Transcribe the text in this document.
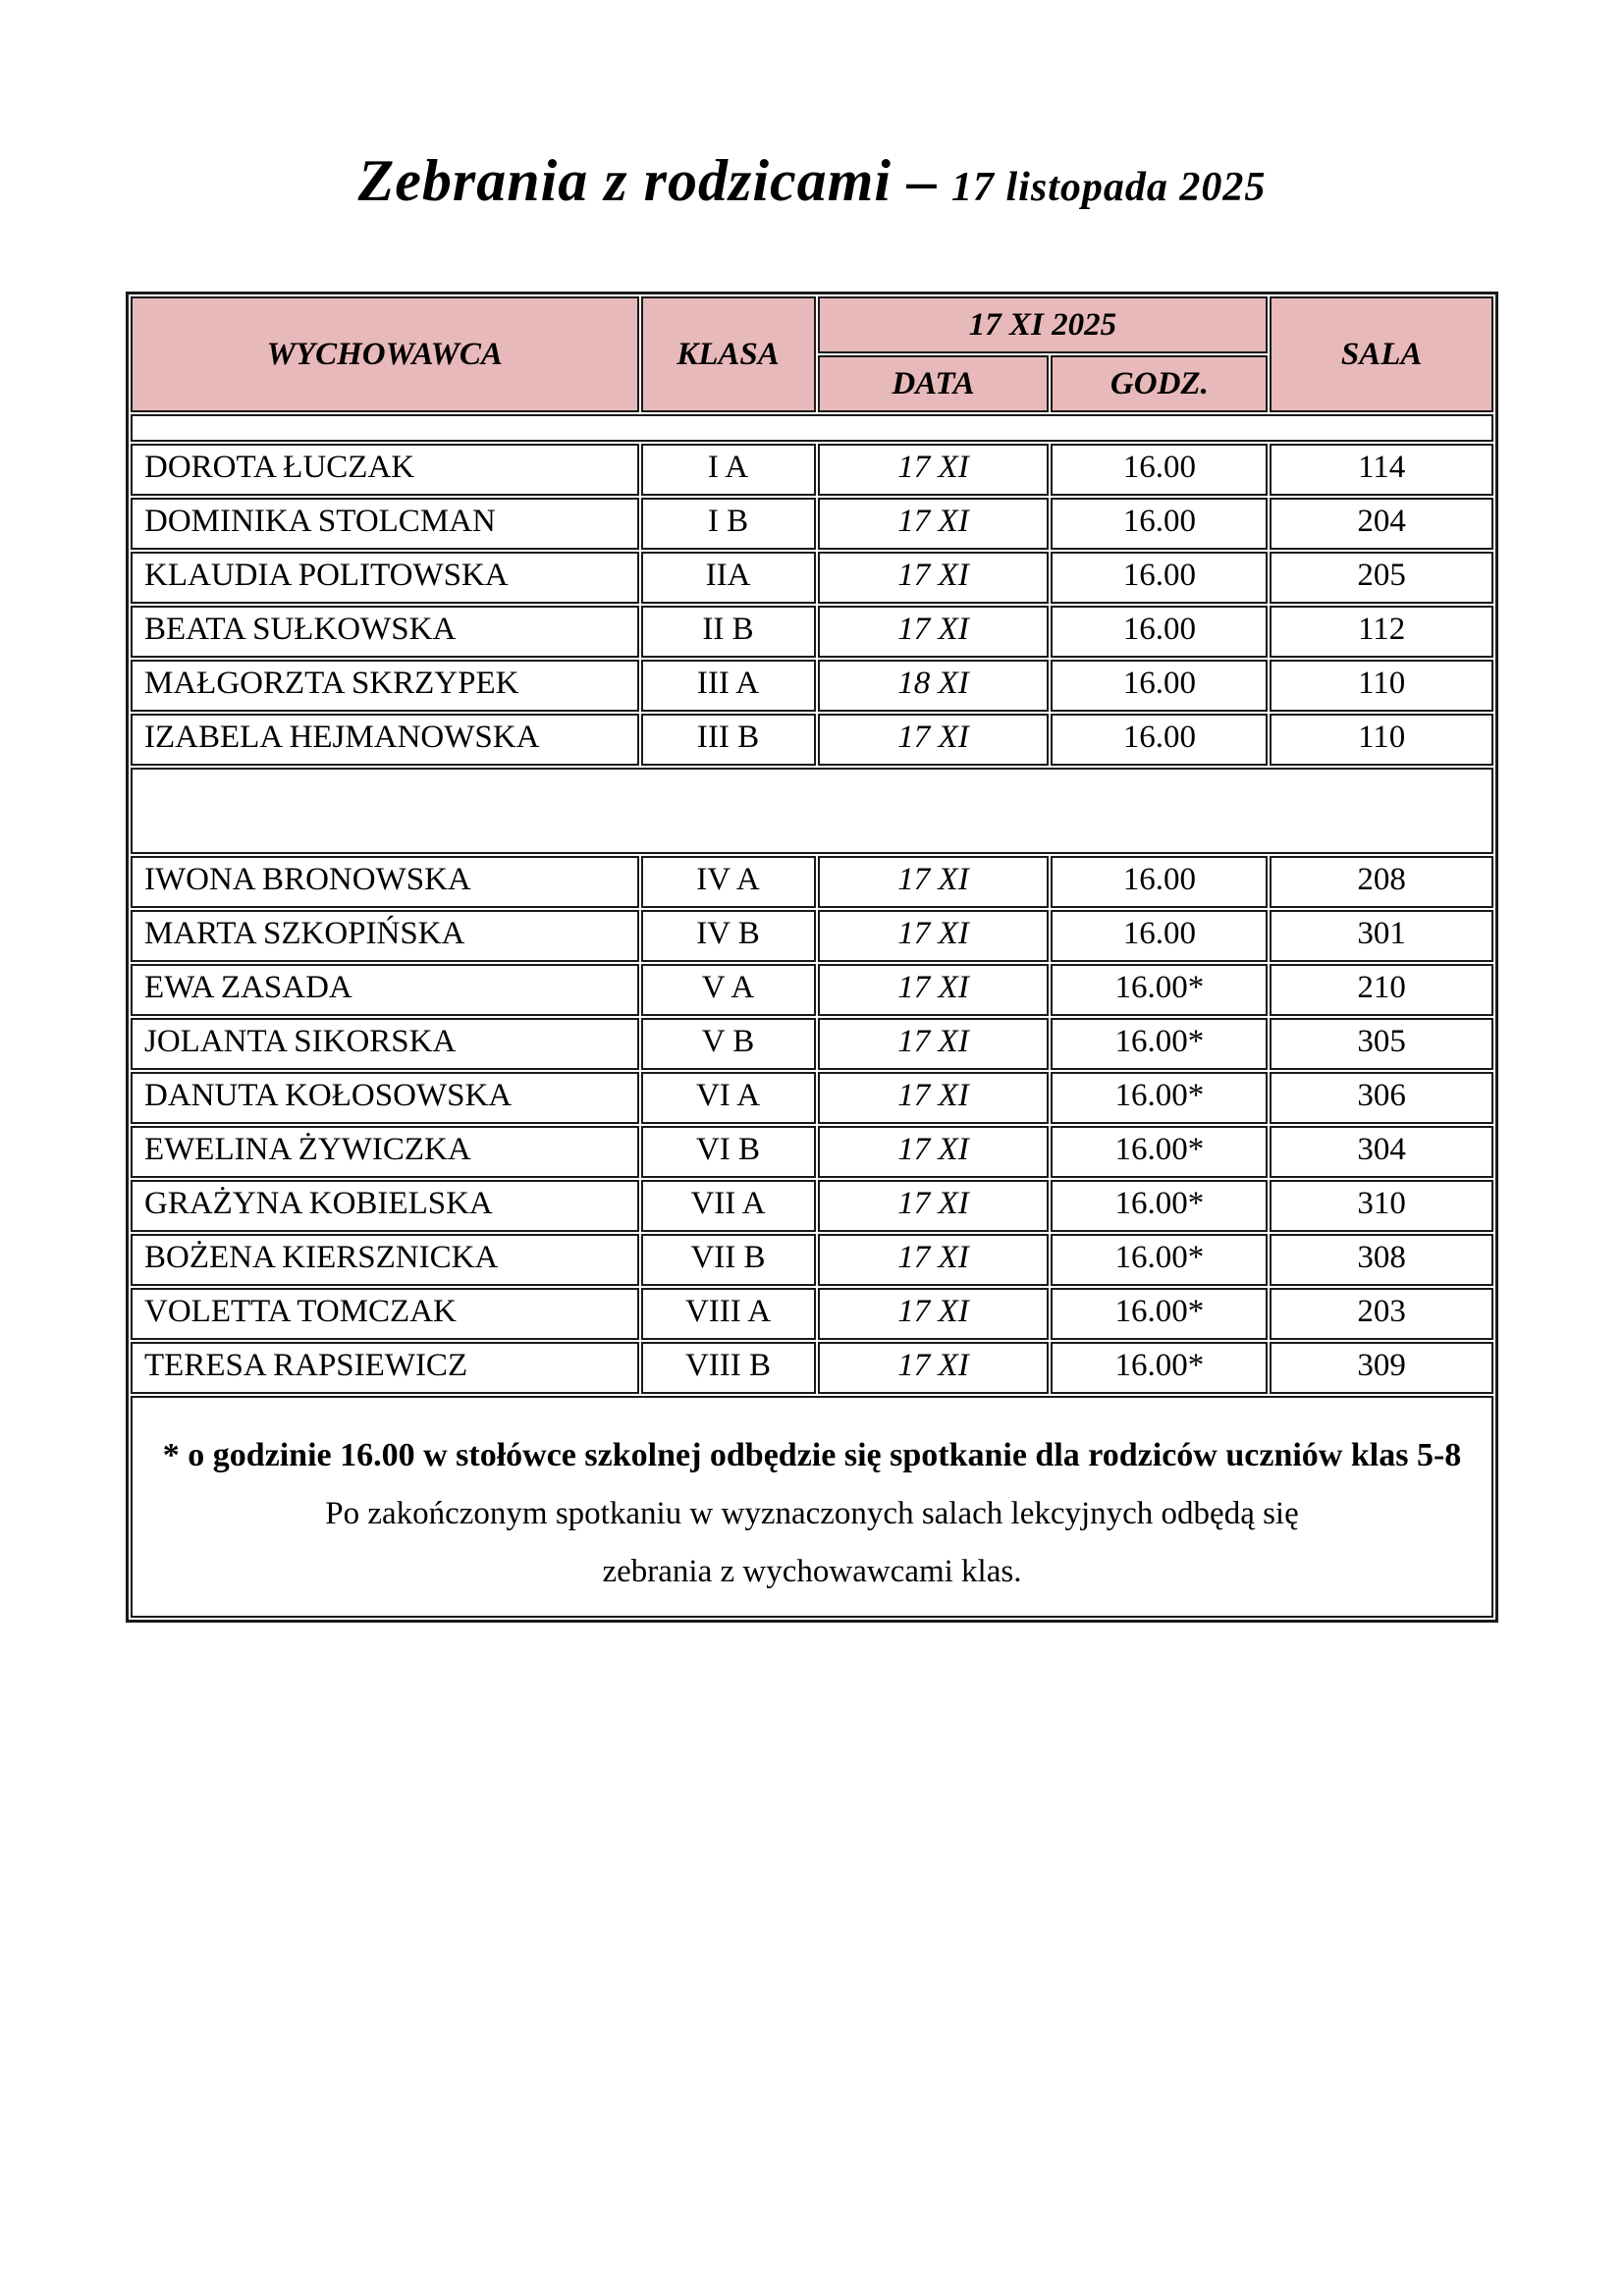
Zebrania z rodzicami – 17 listopada 2025
WYCHOWAWCA	KLASA	17 XI 2025		SALA
		DATA	GODZ.	

DOROTA ŁUCZAK	I A	17 XI	16.00	114
DOMINIKA STOLCMAN	I B	17 XI	16.00	204
KLAUDIA POLITOWSKA	IIA	17 XI	16.00	205
BEATA SUŁKOWSKA	II B	17 XI	16.00	112
MAŁGORZTA SKRZYPEK	III A	18 XI	16.00	110
IZABELA HEJMANOWSKA	III B	17 XI	16.00	110

IWONA BRONOWSKA	IV A	17 XI	16.00	208
MARTA SZKOPIŃSKA	IV B	17 XI	16.00	301
EWA ZASADA	V A	17 XI	16.00*	210
JOLANTA SIKORSKA	V B	17 XI	16.00*	305
DANUTA KOŁOSOWSKA	VI A	17 XI	16.00*	306
EWELINA ŻYWICZKA	VI B	17 XI	16.00*	304
GRAŻYNA KOBIELSKA	VII A	17 XI	16.00*	310
BOŻENA KIERSZNICKA	VII B	17 XI	16.00*	308
VOLETTA TOMCZAK	VIII A	17 XI	16.00*	203
TERESA RAPSIEWICZ	VIII B	17 XI	16.00*	309

* o godzinie 16.00 w stołówce szkolnej odbędzie się spotkanie dla rodziców uczniów klas 5-8
Po zakończonym spotkaniu w wyznaczonych salach lekcyjnych odbędą się
zebrania z wychowawcami klas.				
